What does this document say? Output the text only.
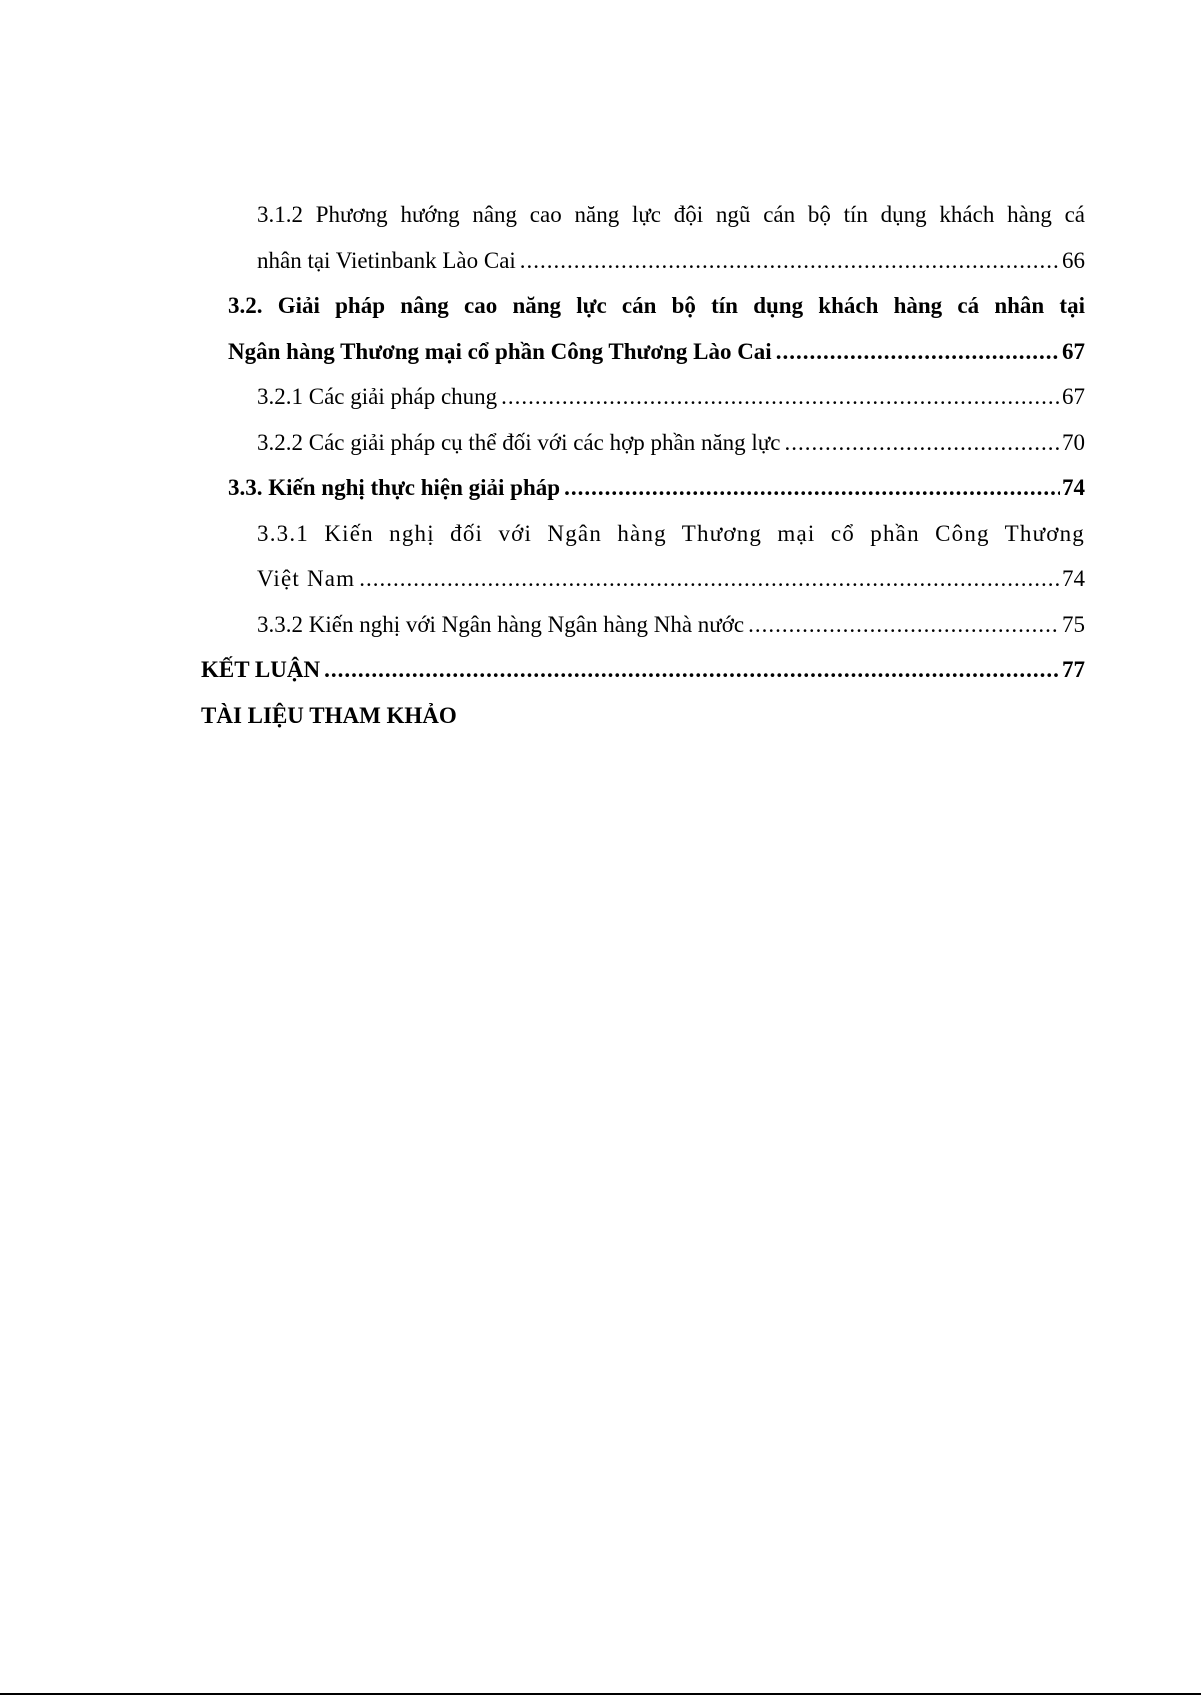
3.1.2 Phương hướng nâng cao năng lực đội ngũ cán bộ tín dụng khách hàng cá
nhân tại Vietinbank Lào Cai .....	66
3.2. Giải pháp nâng cao năng lực cán bộ tín dụng khách hàng cá nhân tại
Ngân hàng Thương mại cổ phần Công Thương Lào Cai .....	67
3.2.1 Các giải pháp chung .....	67
3.2.2 Các giải pháp cụ thể đối với các hợp phần năng lực .....	70
3.3. Kiến nghị thực hiện giải pháp .....	74
3.3.1 Kiến nghị đối với Ngân hàng Thương mại cổ phần Công Thương
Việt Nam .....	74
3.3.2 Kiến nghị với Ngân hàng Ngân hàng Nhà nước .....	75
KẾT LUẬN .....	77
TÀI LIỆU THAM KHẢO
